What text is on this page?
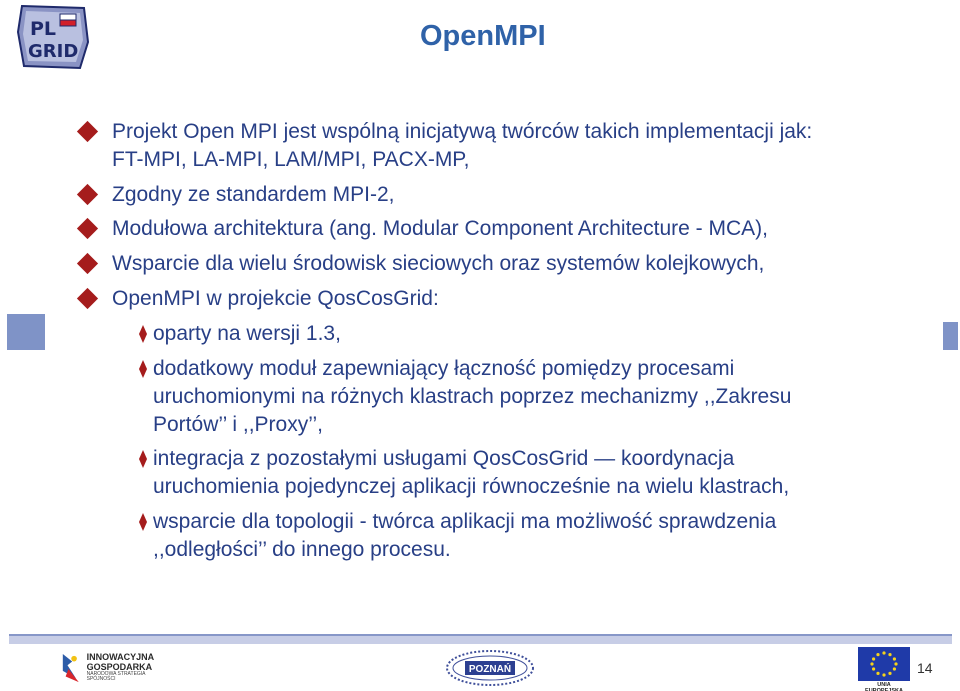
PL
GRID	OpenMPI
Projekt Open MPI jest wspólną inicjatywą twórców takich implementacji jak:
FT-MPI, LA-MPI, LAM/MPI, PACX-MP,
Zgodny ze standardem MPI-2,
Modułowa architektura (ang. Modular Component Architecture - MCA),
Wsparcie dla wielu środowisk sieciowych oraz systemów kolejkowych,
OpenMPI w projekcie QosCosGrid:
oparty na wersji 1.3,
dodatkowy moduł zapewniający łączność pomiędzy procesami
uruchomionymi na różnych klastrach poprzez mechanizmy ,,Zakresu
Portów’’ i ,,Proxy’’,
integracja z pozostałymi usługami QosCosGrid — koordynacja
uruchomienia pojedynczej aplikacji równocześnie na wielu klastrach,
wsparcie dla topologii - twórca aplikacji ma możliwość sprawdzenia
,,odległości’’ do innego procesu.
INNOWACYJNA
GOSPODARKA
NARODOWA STRATEGIA SPÓJNOŚCI
POZNAŃ
UNIA EUROPEJSKA
14
